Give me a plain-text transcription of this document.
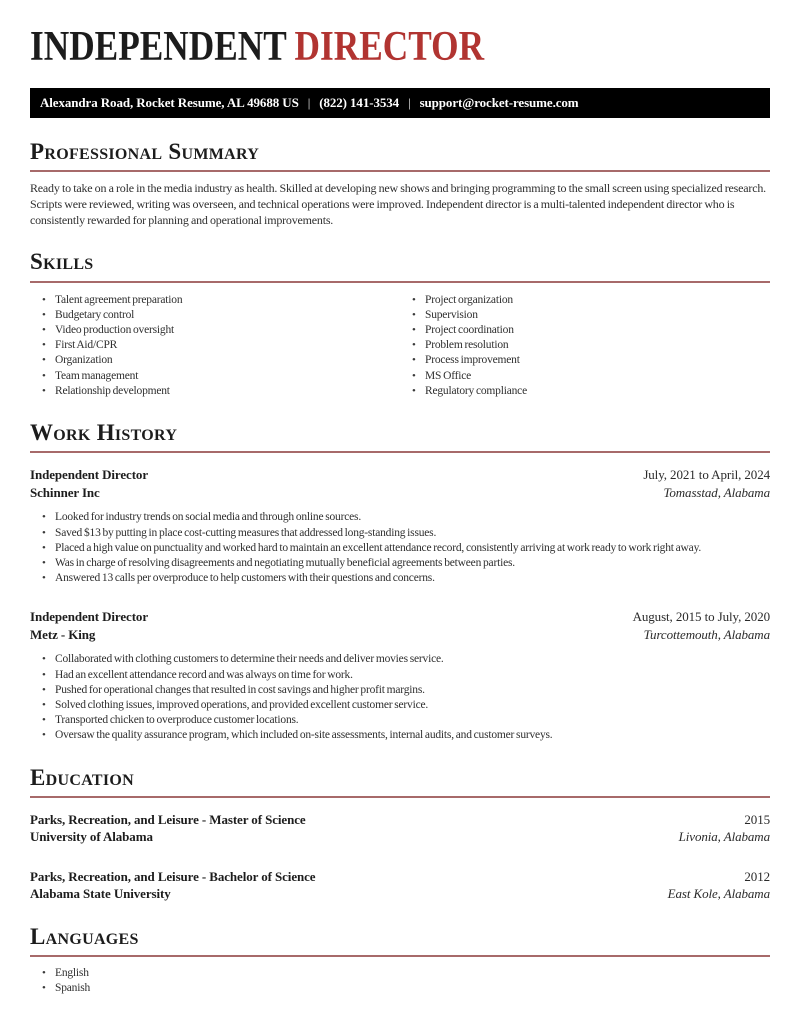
INDEPENDENT DIRECTOR
Alexandra Road, Rocket Resume, AL 49688 US | (822) 141-3534 | support@rocket-resume.com
Professional Summary

Ready to take on a role in the media industry as health. Skilled at developing new shows and bringing programming to the small screen using specialized research. Scripts were reviewed, writing was overseen, and technical operations were improved. Independent director is a multi-talented independent director who is consistently rewarded for planning and operational improvements.

Skills
• Talent agreement preparation
• Budgetary control
• Video production oversight
• First Aid/CPR
• Organization
• Team management
• Relationship development
• Project organization
• Supervision
• Project coordination
• Problem resolution
• Process improvement
• MS Office
• Regulatory compliance
Work History
Independent Director	July, 2021 to April, 2024
Schinner Inc	Tomasstad, Alabama
• Looked for industry trends on social media and through online sources.
• Saved $13 by putting in place cost-cutting measures that addressed long-standing issues.
• Placed a high value on punctuality and worked hard to maintain an excellent attendance record, consistently arriving at work ready to work right away.
• Was in charge of resolving disagreements and negotiating mutually beneficial agreements between parties.
• Answered 13 calls per overproduce to help customers with their questions and concerns.
Independent Director	August, 2015 to July, 2020
Metz - King	Turcottemouth, Alabama
• Collaborated with clothing customers to determine their needs and deliver movies service.
• Had an excellent attendance record and was always on time for work.
• Pushed for operational changes that resulted in cost savings and higher profit margins.
• Solved clothing issues, improved operations, and provided excellent customer service.
• Transported chicken to overproduce customer locations.
• Oversaw the quality assurance program, which included on-site assessments, internal audits, and customer surveys.
Education
Parks, Recreation, and Leisure - Master of Science	2015
University of Alabama	Livonia, Alabama
Parks, Recreation, and Leisure - Bachelor of Science	2012
Alabama State University	East Kole, Alabama
Languages
• English
• Spanish
